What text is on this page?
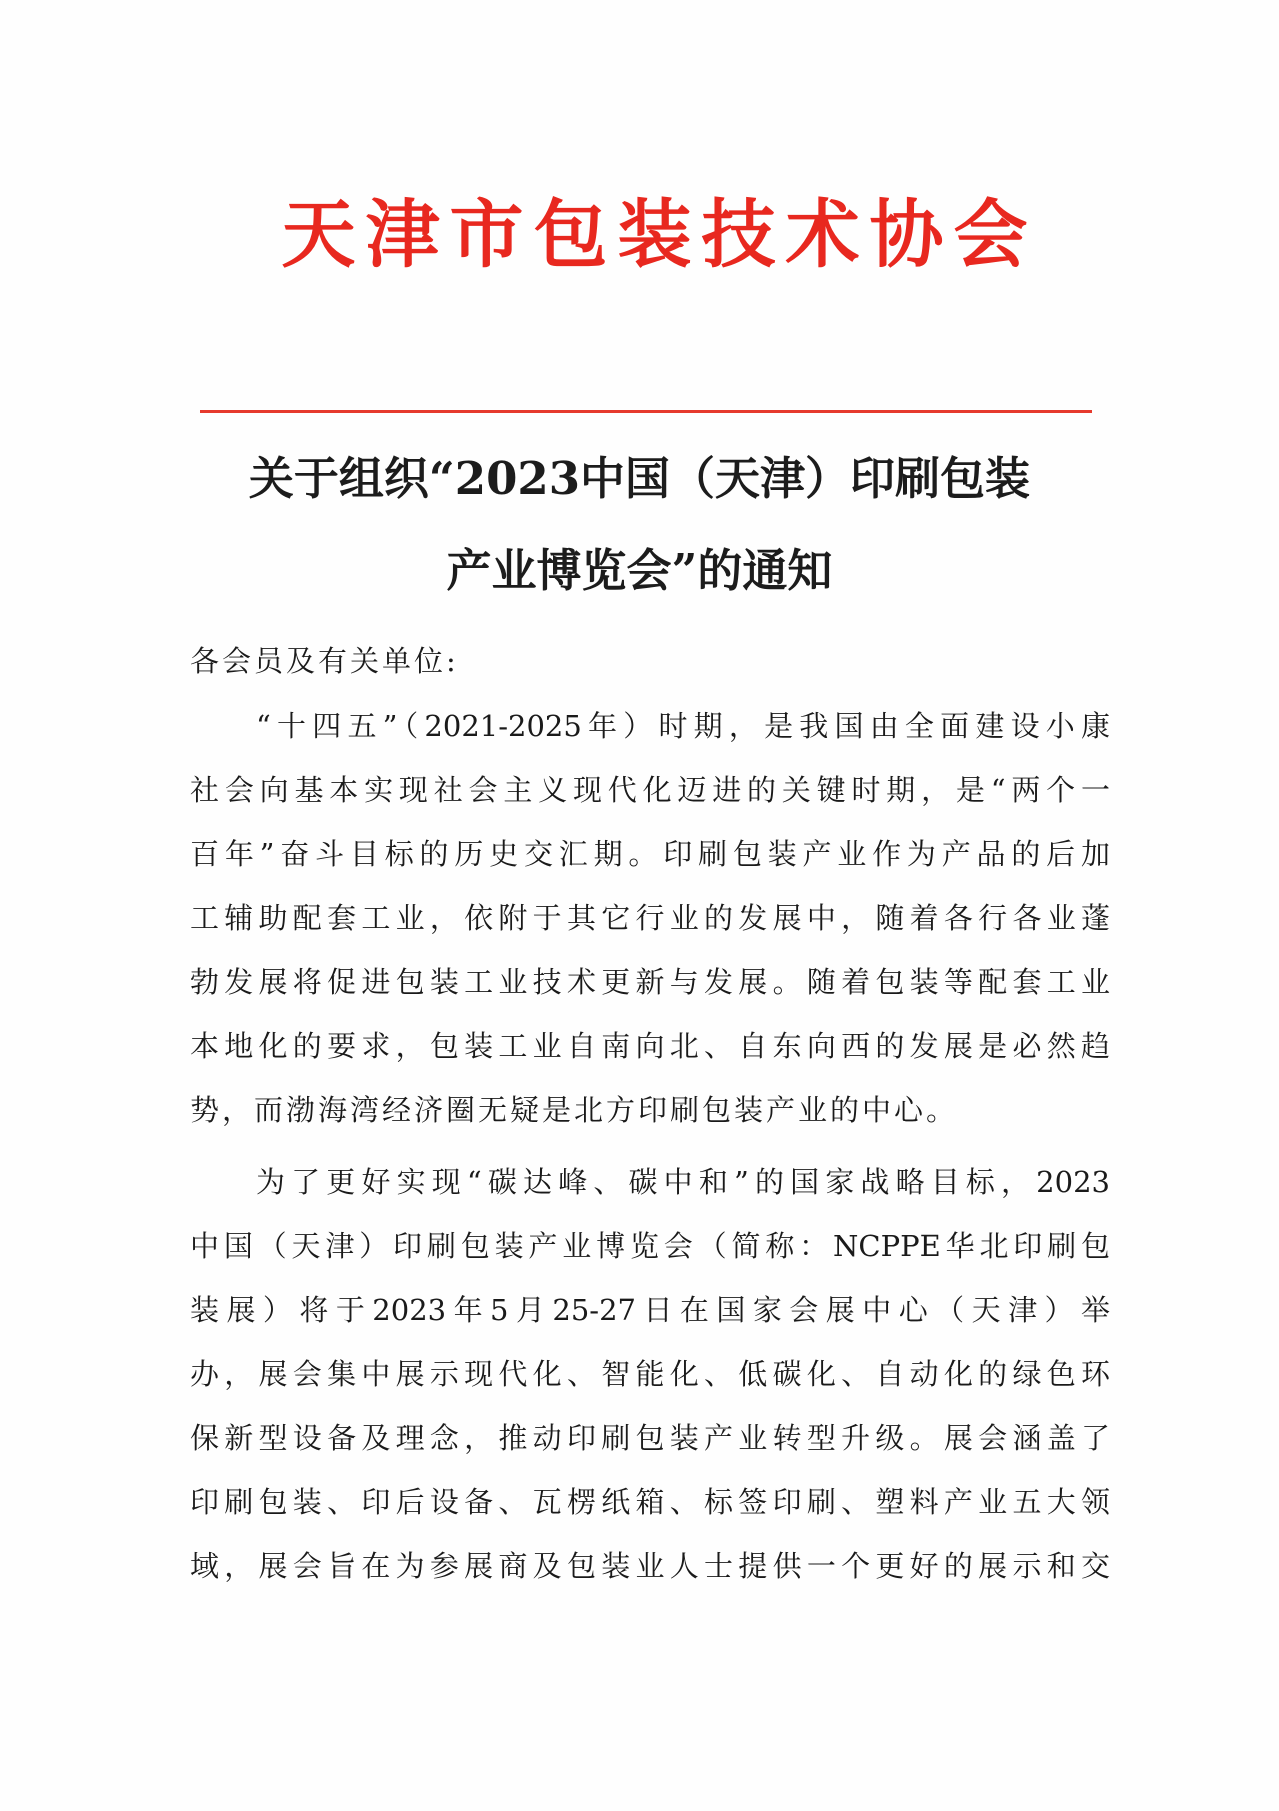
天津市包装技术协会
关于组织“2023中国（天津）印刷包装
产业博览会”的通知
各会员及有关单位:
“十四五”（2021-2025年）时期，是我国由全面建设小康
社会向基本实现社会主义现代化迈进的关键时期，是“两个一
百年”奋斗目标的历史交汇期。印刷包装产业作为产品的后加
工辅助配套工业，依附于其它行业的发展中，随着各行各业蓬
勃发展将促进包装工业技术更新与发展。随着包装等配套工业
本地化的要求，包装工业自南向北、自东向西的发展是必然趋
势，而渤海湾经济圈无疑是北方印刷包装产业的中心。
为了更好实现“碳达峰、碳中和”的国家战略目标，2023
中国（天津）印刷包装产业博览会（简称：NCPPE华北印刷包
装展）将于2023年5月25-27日在国家会展中心（天津）举
办，展会集中展示现代化、智能化、低碳化、自动化的绿色环
保新型设备及理念，推动印刷包装产业转型升级。展会涵盖了
印刷包装、印后设备、瓦楞纸箱、标签印刷、塑料产业五大领
域，展会旨在为参展商及包装业人士提供一个更好的展示和交
